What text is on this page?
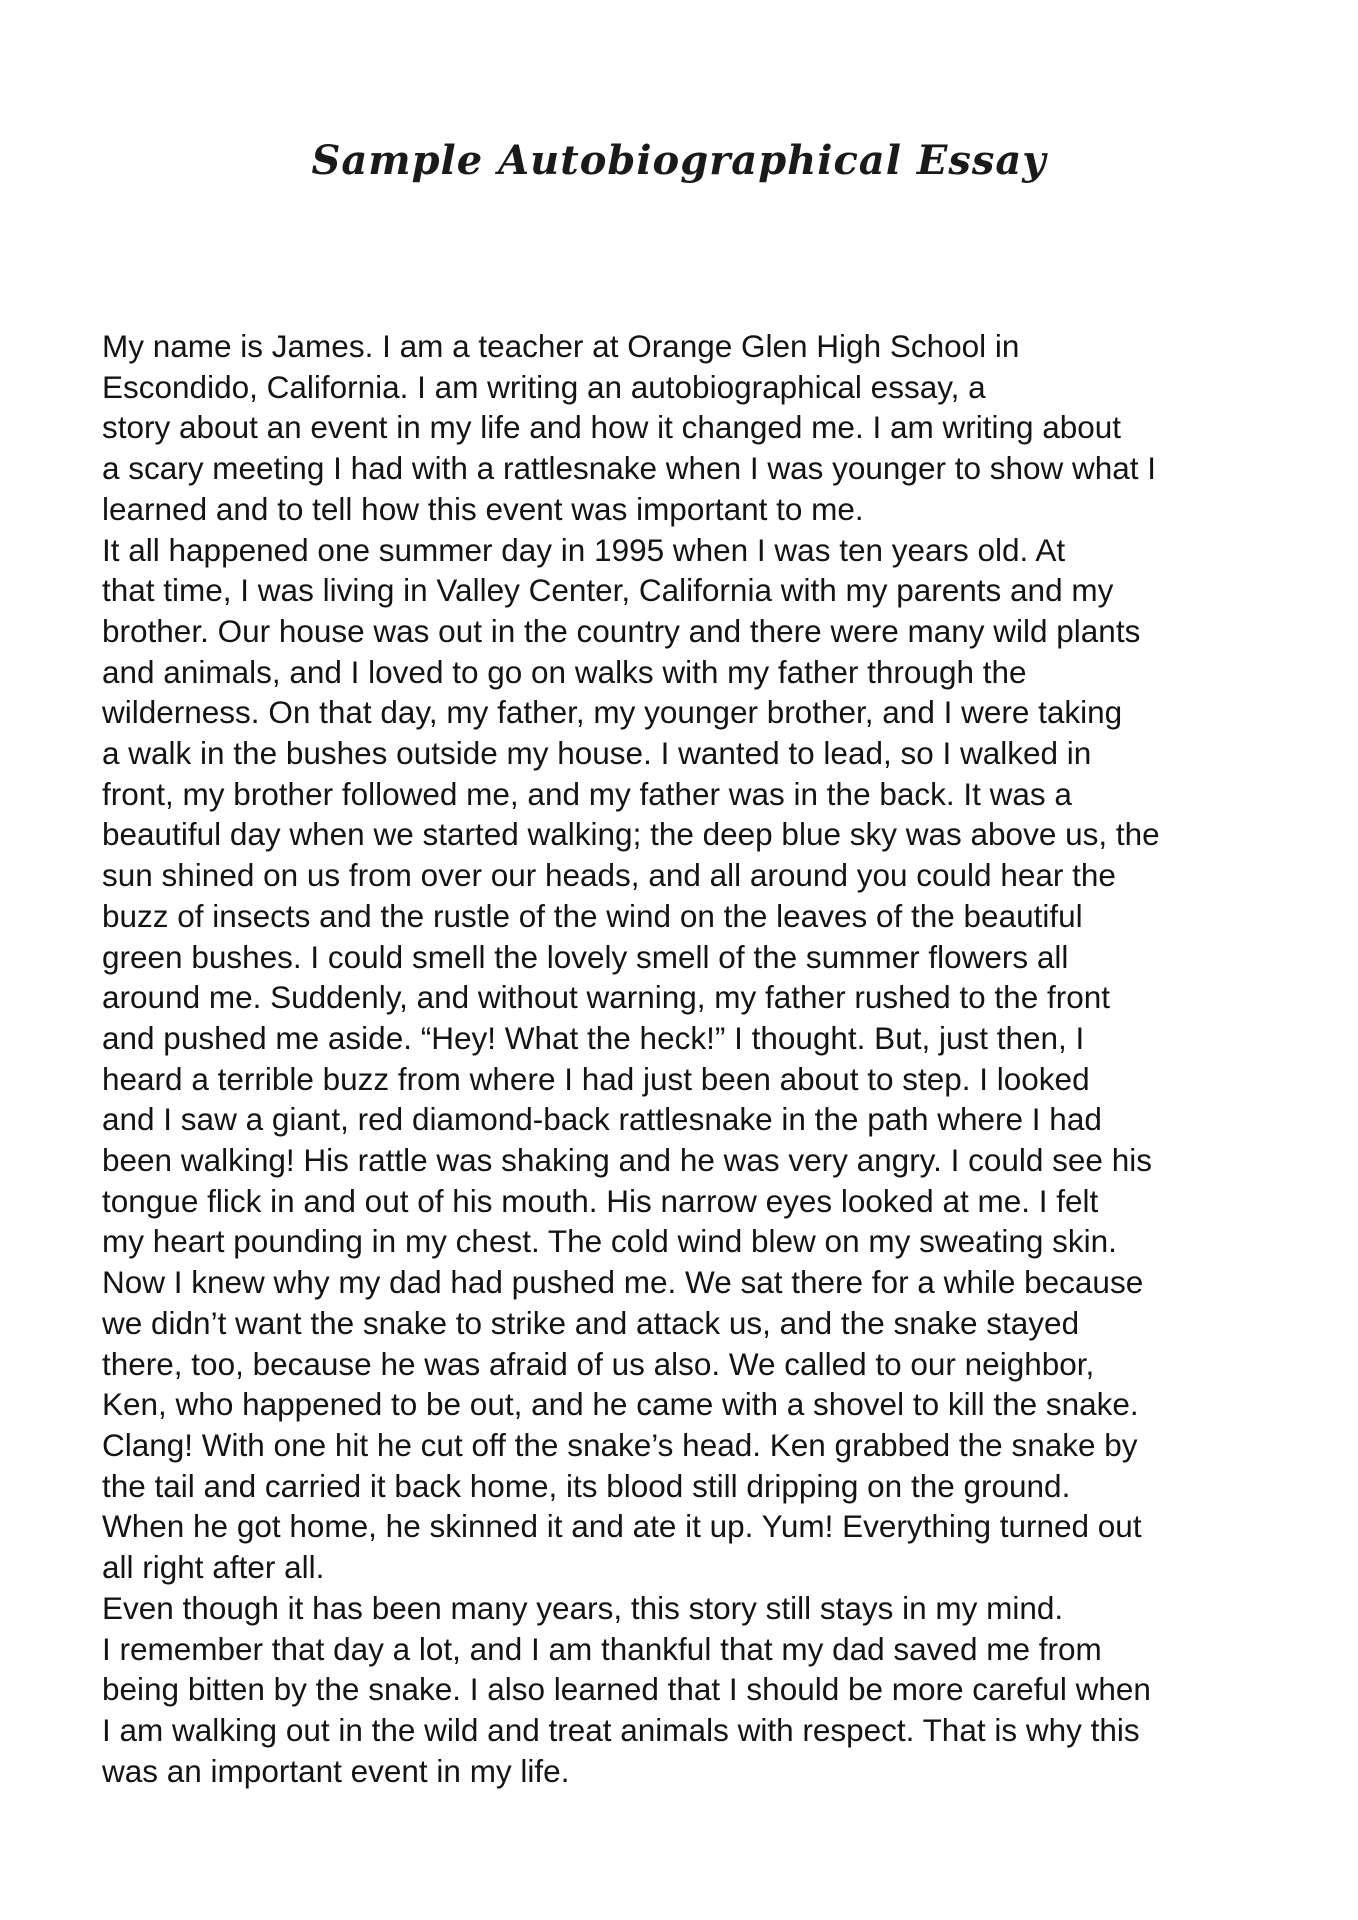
Sample Autobiographical Essay
My name is James. I am a teacher at Orange Glen High School in
Escondido, California. I am writing an autobiographical essay, a
story about an event in my life and how it changed me. I am writing about
a scary meeting I had with a rattlesnake when I was younger to show what I
learned and to tell how this event was important to me.
It all happened one summer day in 1995 when I was ten years old. At
that time, I was living in Valley Center, California with my parents and my
brother. Our house was out in the country and there were many wild plants
and animals, and I loved to go on walks with my father through the
wilderness. On that day, my father, my younger brother, and I were taking
a walk in the bushes outside my house. I wanted to lead, so I walked in
front, my brother followed me, and my father was in the back. It was a
beautiful day when we started walking; the deep blue sky was above us, the
sun shined on us from over our heads, and all around you could hear the
buzz of insects and the rustle of the wind on the leaves of the beautiful
green bushes. I could smell the lovely smell of the summer flowers all
around me. Suddenly, and without warning, my father rushed to the front
and pushed me aside. “Hey! What the heck!” I thought. But, just then, I
heard a terrible buzz from where I had just been about to step. I looked
and I saw a giant, red diamond-back rattlesnake in the path where I had
been walking! His rattle was shaking and he was very angry. I could see his
tongue flick in and out of his mouth. His narrow eyes looked at me. I felt
my heart pounding in my chest. The cold wind blew on my sweating skin.
Now I knew why my dad had pushed me. We sat there for a while because
we didn’t want the snake to strike and attack us, and the snake stayed
there, too, because he was afraid of us also. We called to our neighbor,
Ken, who happened to be out, and he came with a shovel to kill the snake.
Clang! With one hit he cut off the snake’s head. Ken grabbed the snake by
the tail and carried it back home, its blood still dripping on the ground.
When he got home, he skinned it and ate it up. Yum! Everything turned out
all right after all.
Even though it has been many years, this story still stays in my mind.
I remember that day a lot, and I am thankful that my dad saved me from
being bitten by the snake. I also learned that I should be more careful when
I am walking out in the wild and treat animals with respect. That is why this
was an important event in my life.
